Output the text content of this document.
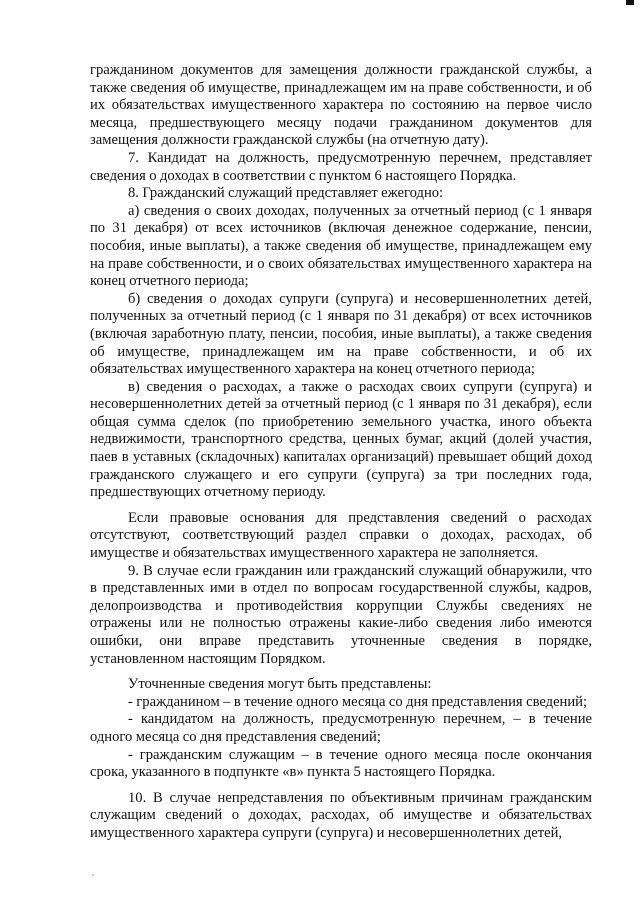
гражданином документов для замещения должности гражданской службы, а также сведения об имуществе, принадлежащем им на праве собственности, и об их обязательствах имущественного характера по состоянию на первое число месяца, предшествующего месяцу подачи гражданином документов для замещения должности гражданской службы (на отчетную дату).

7. Кандидат на должность, предусмотренную перечнем, представляет сведения о доходах в соответствии с пунктом 6 настоящего Порядка.

8. Гражданский служащий представляет ежегодно:

а) сведения о своих доходах, полученных за отчетный период (с 1 января по 31 декабря) от всех источников (включая денежное содержание, пенсии, пособия, иные выплаты), а также сведения об имуществе, принадлежащем ему на праве собственности, и о своих обязательствах имущественного характера на конец отчетного периода;

б) сведения о доходах супруги (супруга) и несовершеннолетних детей, полученных за отчетный период (с 1 января по 31 декабря) от всех источников (включая заработную плату, пенсии, пособия, иные выплаты), а также сведения об имуществе, принадлежащем им на праве собственности, и об их обязательствах имущественного характера на конец отчетного периода;

в) сведения о расходах, а также о расходах своих супруги (супруга) и несовершеннолетних детей за отчетный период (с 1 января по 31 декабря), если общая сумма сделок (по приобретению земельного участка, иного объекта недвижимости, транспортного средства, ценных бумаг, акций (долей участия, паев в уставных (складочных) капиталах организаций) превышает общий доход гражданского служащего и его супруги (супруга) за три последних года, предшествующих отчетному периоду.

Если правовые основания для представления сведений о расходах отсутствуют, соответствующий раздел справки о доходах, расходах, об имуществе и обязательствах имущественного характера не заполняется.

9. В случае если гражданин или гражданский служащий обнаружили, что в представленных ими в отдел по вопросам государственной службы, кадров, делопроизводства и противодействия коррупции Службы сведениях не отражены или не полностью отражены какие-либо сведения либо имеются ошибки, они вправе представить уточненные сведения в порядке, установленном настоящим Порядком.

Уточненные сведения могут быть представлены:

- гражданином – в течение одного месяца со дня представления сведений;

- кандидатом на должность, предусмотренную перечнем, – в течение одного месяца со дня представления сведений;

- гражданским служащим – в течение одного месяца после окончания срока, указанного в подпункте «в» пункта 5 настоящего Порядка.

10. В случае непредставления по объективным причинам гражданским служащим сведений о доходах, расходах, об имуществе и обязательствах имущественного характера супруги (супруга) и несовершеннолетних детей,
